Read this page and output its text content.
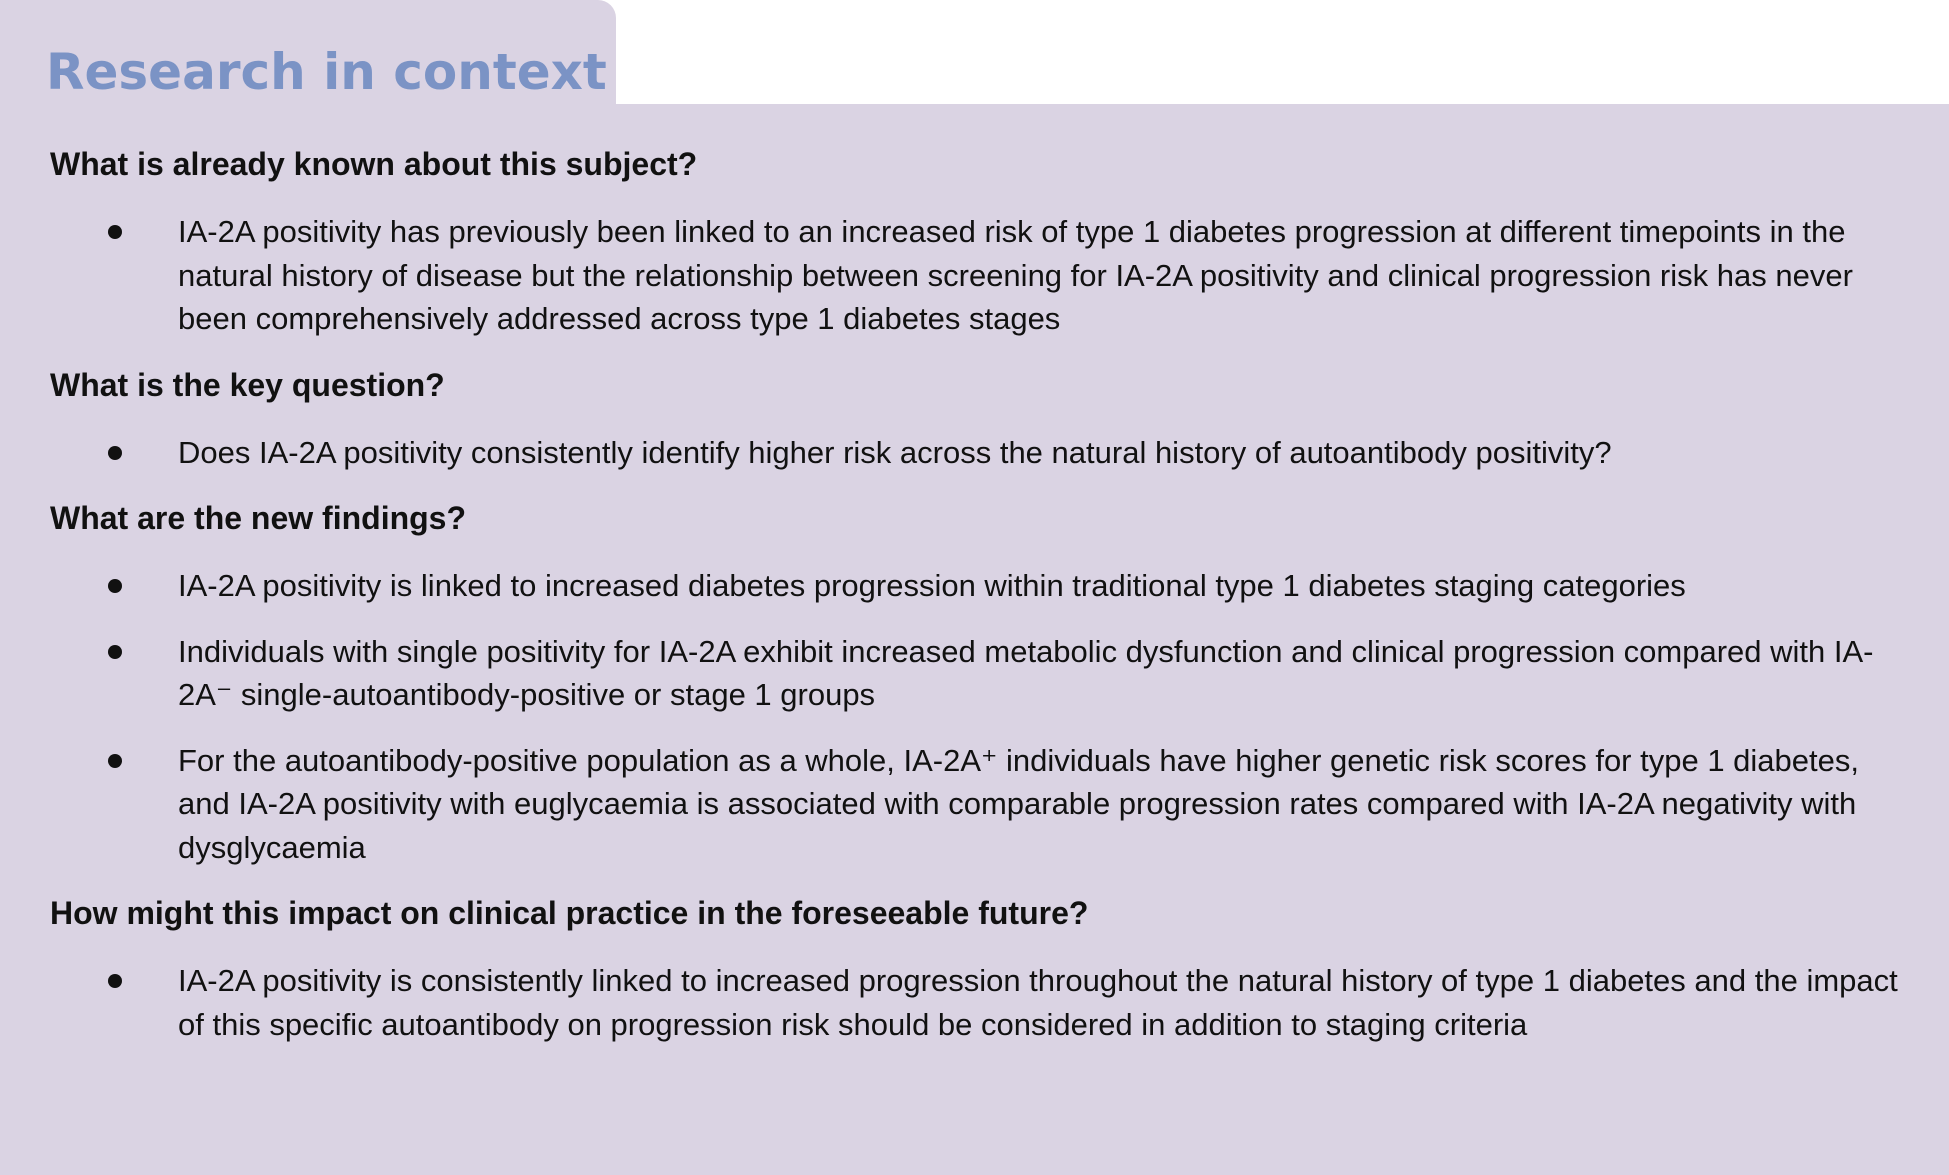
Research in context
What is already known about this subject?
IA-2A positivity has previously been linked to an increased risk of type 1 diabetes progression at different timepoints in the natural history of disease but the relationship between screening for IA-2A positivity and clinical progression risk has never been comprehensively addressed across type 1 diabetes stages
What is the key question?
Does IA-2A positivity consistently identify higher risk across the natural history of autoantibody positivity?
What are the new findings?
IA-2A positivity is linked to increased diabetes progression within traditional type 1 diabetes staging categories
Individuals with single positivity for IA-2A exhibit increased metabolic dysfunction and clinical progression compared with IA-2A⁻ single-autoantibody-positive or stage 1 groups
For the autoantibody-positive population as a whole, IA-2A⁺ individuals have higher genetic risk scores for type 1 diabetes, and IA-2A positivity with euglycaemia is associated with comparable progression rates compared with IA-2A negativity with dysglycaemia
How might this impact on clinical practice in the foreseeable future?
IA-2A positivity is consistently linked to increased progression throughout the natural history of type 1 diabetes and the impact of this specific autoantibody on progression risk should be considered in addition to staging criteria
